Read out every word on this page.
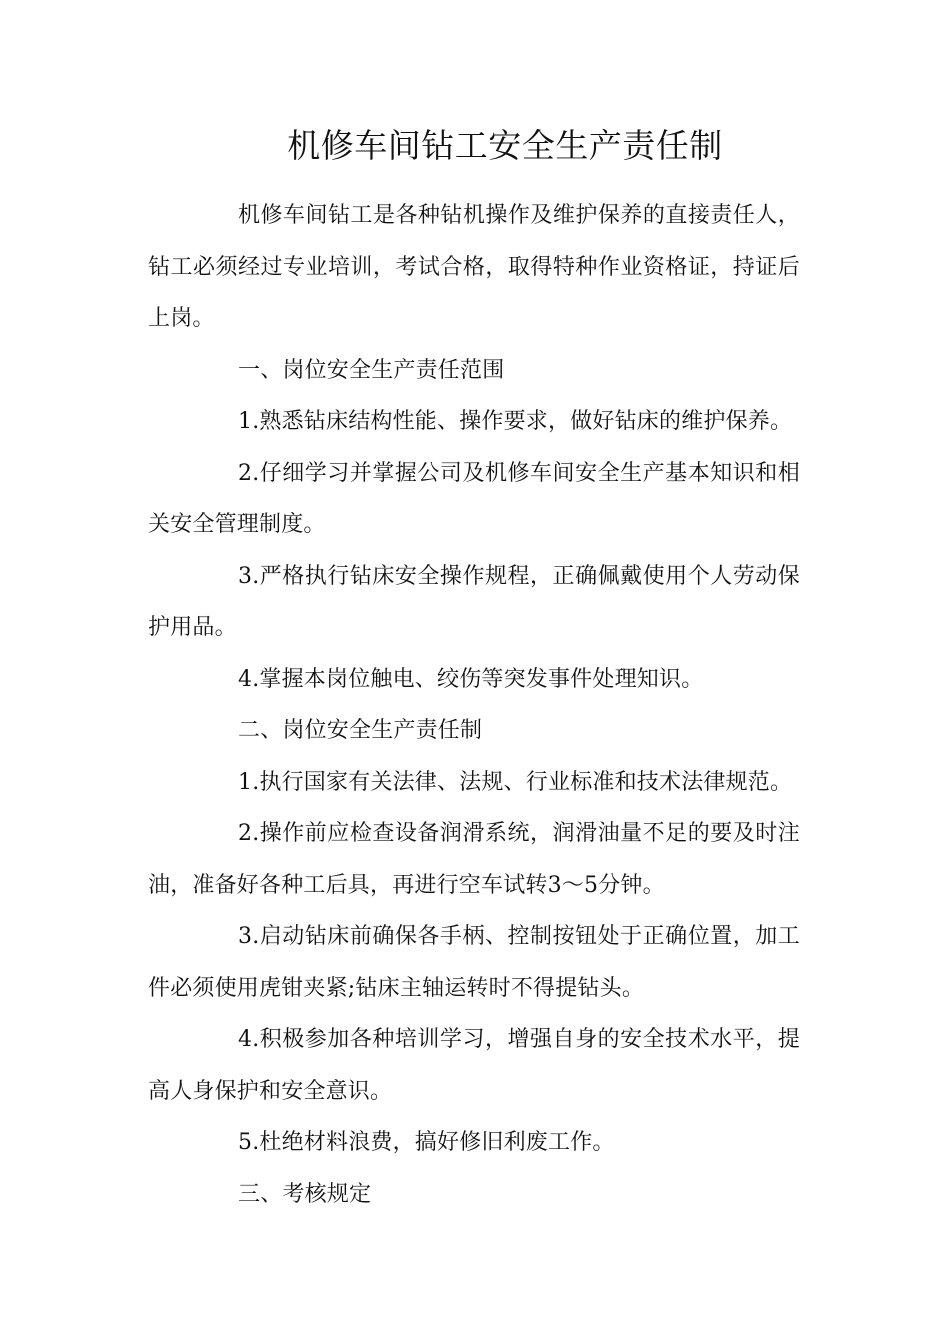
机修车间钻工安全生产责任制

机修车间钻工是各种钻机操作及维护保养的直接责任人，钻工必须经过专业培训，考试合格，取得特种作业资格证，持证后上岗。

一、岗位安全生产责任范围

1.熟悉钻床结构性能、操作要求，做好钻床的维护保养。

2.仔细学习并掌握公司及机修车间安全生产基本知识和相关安全管理制度。

3.严格执行钻床安全操作规程，正确佩戴使用个人劳动保护用品。

4.掌握本岗位触电、绞伤等突发事件处理知识。

二、岗位安全生产责任制

1.执行国家有关法律、法规、行业标准和技术法律规范。

2.操作前应检查设备润滑系统，润滑油量不足的要及时注油，准备好各种工后具，再进行空车试转3～5分钟。

3.启动钻床前确保各手柄、控制按钮处于正确位置，加工件必须使用虎钳夹紧;钻床主轴运转时不得提钻头。

4.积极参加各种培训学习，增强自身的安全技术水平，提高人身保护和安全意识。

5.杜绝材料浪费，搞好修旧利废工作。

三、考核规定
